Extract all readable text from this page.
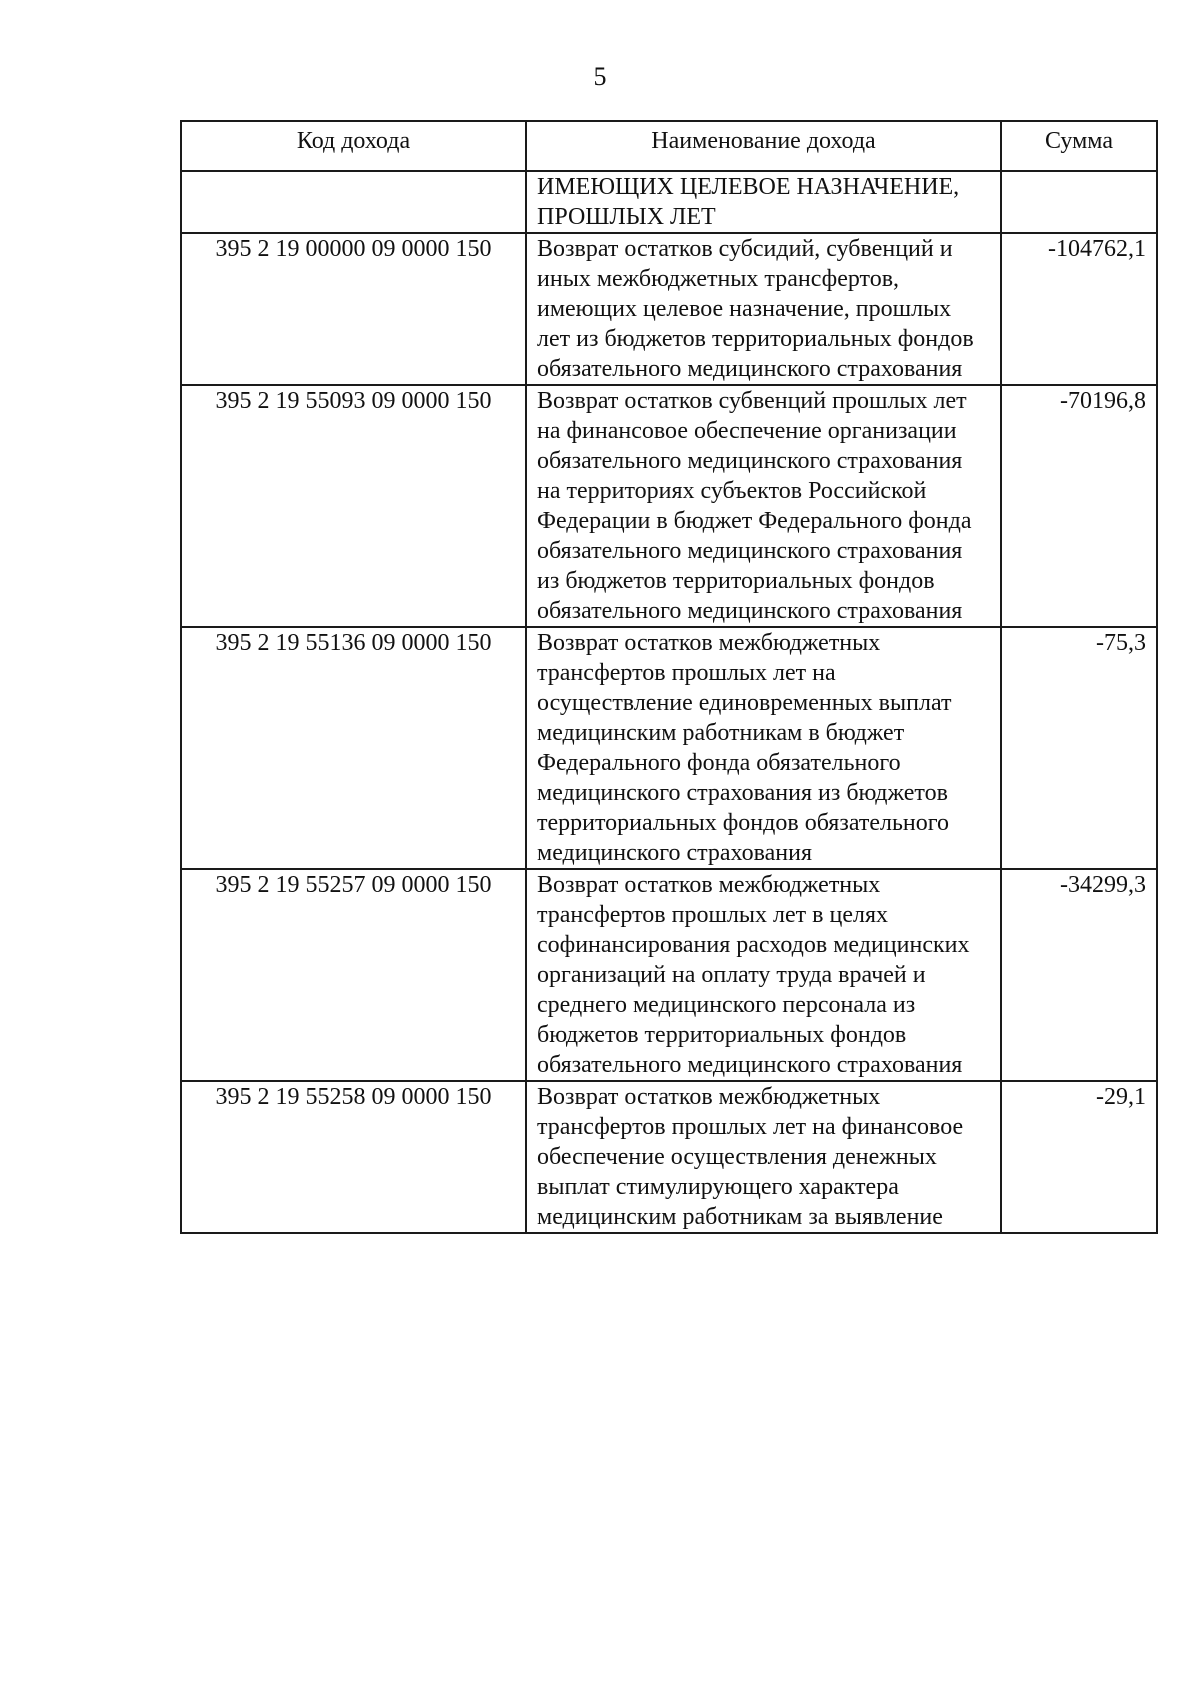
5
Код дохода	Наименование дохода	Сумма
	ИМЕЮЩИХ ЦЕЛЕВОЕ НАЗНАЧЕНИЕ, ПРОШЛЫХ ЛЕТ	
395 2 19 00000 09 0000 150	Возврат остатков субсидий, субвенций и иных межбюджетных трансфертов, имеющих целевое назначение, прошлых лет из бюджетов территориальных фондов обязательного медицинского страхования	-104762,1
395 2 19 55093 09 0000 150	Возврат остатков субвенций прошлых лет на финансовое обеспечение организации обязательного медицинского страхования на территориях субъектов Российской Федерации в бюджет Федерального фонда обязательного медицинского страхования из бюджетов территориальных фондов обязательного медицинского страхования	-70196,8
395 2 19 55136 09 0000 150	Возврат остатков межбюджетных трансфертов прошлых лет на осуществление единовременных выплат медицинским работникам в бюджет Федерального фонда обязательного медицинского страхования из бюджетов территориальных фондов обязательного медицинского страхования	-75,3
395 2 19 55257 09 0000 150	Возврат остатков межбюджетных трансфертов прошлых лет в целях софинансирования расходов медицинских организаций на оплату труда врачей и среднего медицинского персонала из бюджетов территориальных фондов обязательного медицинского страхования	-34299,3
395 2 19 55258 09 0000 150	Возврат остатков межбюджетных трансфертов прошлых лет на финансовое обеспечение осуществления денежных выплат стимулирующего характера медицинским работникам за выявление	-29,1
